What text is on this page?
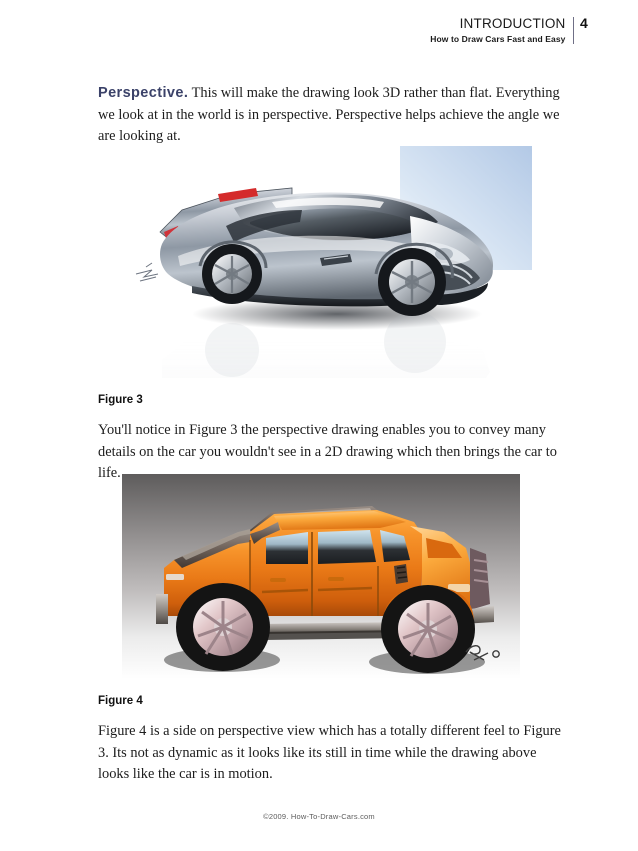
INTRODUCTION
How to Draw Cars Fast and Easy
4
Perspective. This will make the drawing look 3D rather than flat. Everything we look at in the world is in perspective. Perspective helps achieve the angle we are looking at.
Figure 3
You'll notice in Figure 3 the perspective drawing enables you to convey many details on the car you wouldn't see in a 2D drawing which then brings the car to life.
Figure 4
Figure 4 is a side on perspective view which has a totally different feel to Figure 3. Its not as dynamic as it looks like its still in time while the drawing above looks like the car is in motion.
©2009. How-To-Draw-Cars.com
